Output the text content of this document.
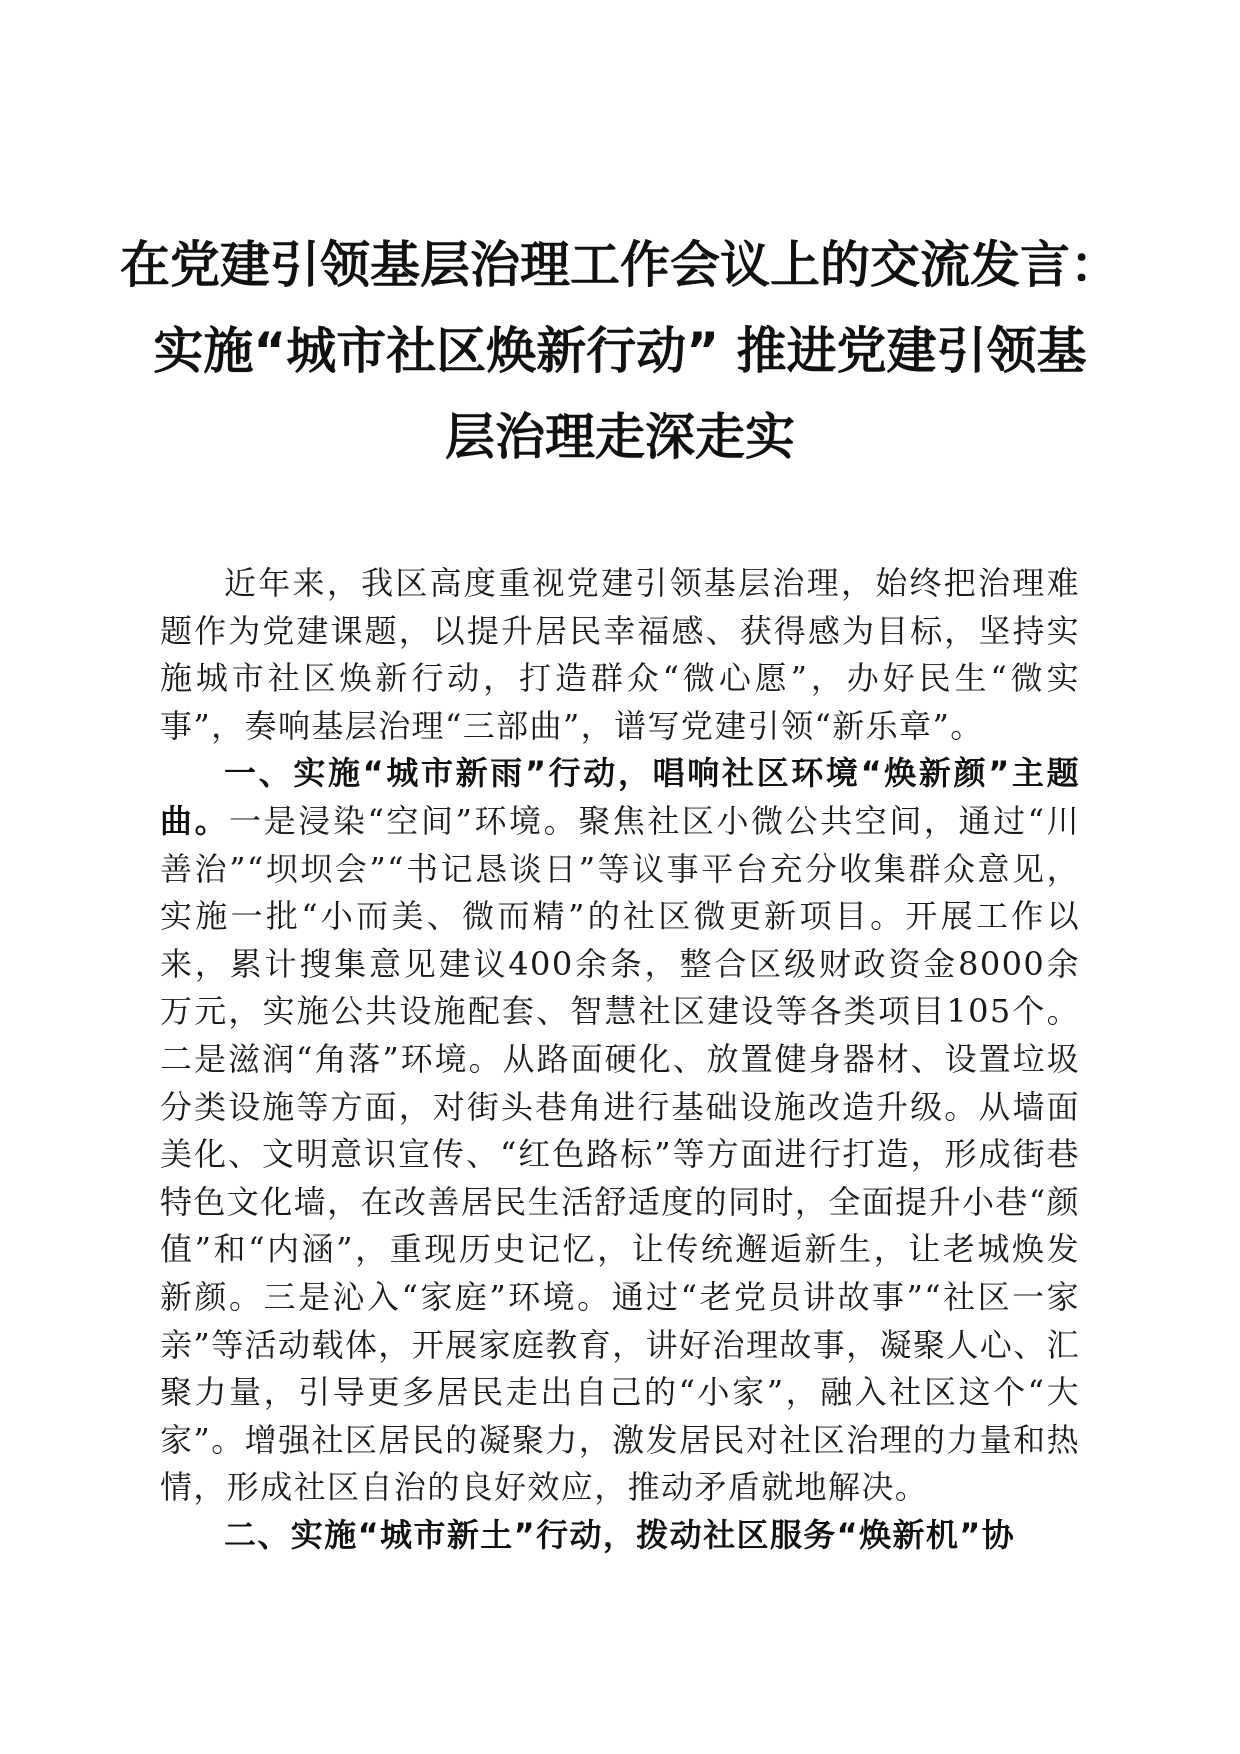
在党建引领基层治理工作会议上的交流发言：
实施“城市社区焕新行动” 推进党建引领基
层治理走深走实

近年来，我区高度重视党建引领基层治理，始终把治理难题作为党建课题，以提升居民幸福感、获得感为目标，坚持实施城市社区焕新行动，打造群众“微心愿”，办好民生“微实事”，奏响基层治理“三部曲”，谱写党建引领“新乐章”。

一、实施“城市新雨”行动，唱响社区环境“焕新颜”主题曲。一是浸染“空间”环境。聚焦社区小微公共空间，通过“川善治”“坝坝会”“书记恳谈日”等议事平台充分收集群众意见，实施一批“小而美、微而精”的社区微更新项目。开展工作以来，累计搜集意见建议400余条，整合区级财政资金8000余万元，实施公共设施配套、智慧社区建设等各类项目105个。二是滋润“角落”环境。从路面硬化、放置健身器材、设置垃圾分类设施等方面，对街头巷角进行基础设施改造升级。从墙面美化、文明意识宣传、“红色路标”等方面进行打造，形成街巷特色文化墙，在改善居民生活舒适度的同时，全面提升小巷“颜值”和“内涵”，重现历史记忆，让传统邂逅新生，让老城焕发新颜。三是沁入“家庭”环境。通过“老党员讲故事”“社区一家亲”等活动载体，开展家庭教育，讲好治理故事，凝聚人心、汇聚力量，引导更多居民走出自己的“小家”，融入社区这个“大家”。增强社区居民的凝聚力，激发居民对社区治理的力量和热情，形成社区自治的良好效应，推动矛盾就地解决。

二、实施“城市新土”行动，拨动社区服务“焕新机”协
